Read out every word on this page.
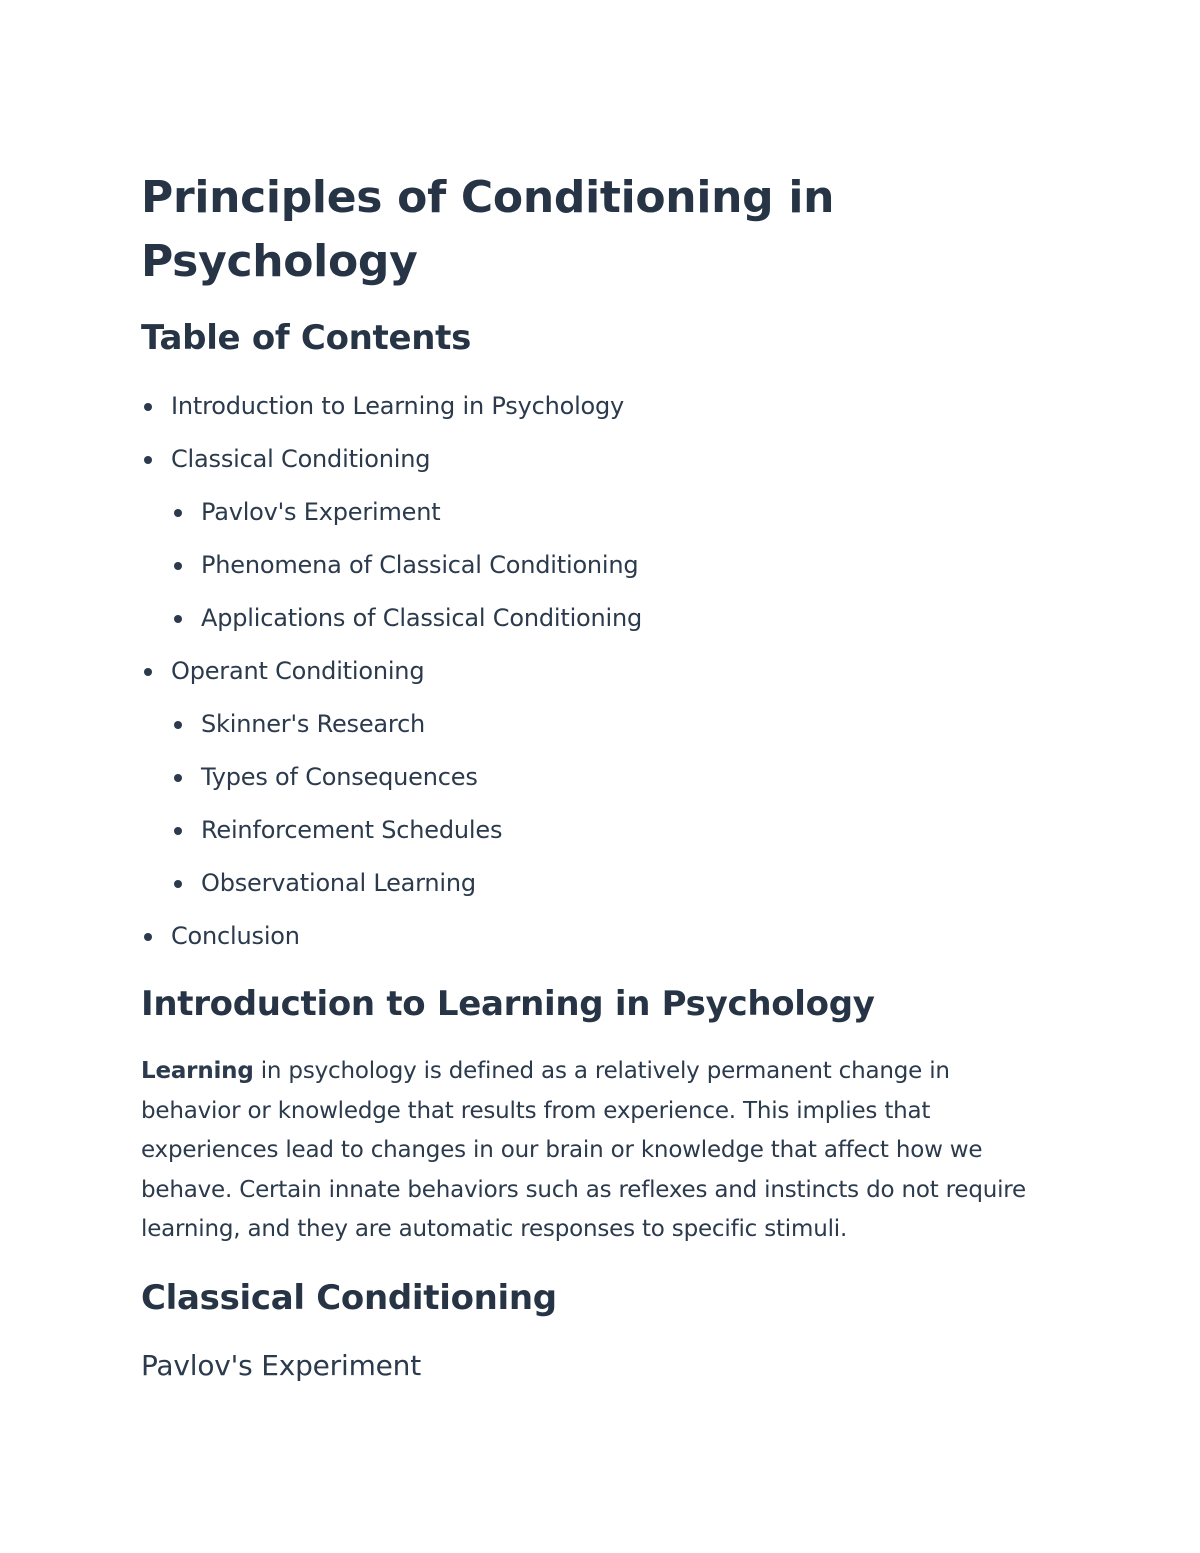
Principles of Conditioning in Psychology
Table of Contents
Introduction to Learning in Psychology
Classical Conditioning
Pavlov's Experiment
Phenomena of Classical Conditioning
Applications of Classical Conditioning
Operant Conditioning
Skinner's Research
Types of Consequences
Reinforcement Schedules
Observational Learning
Conclusion
Introduction to Learning in Psychology

Learning in psychology is defined as a relatively permanent change in behavior or knowledge that results from experience. This implies that experiences lead to changes in our brain or knowledge that affect how we behave. Certain innate behaviors such as reflexes and instincts do not require learning, and they are automatic responses to specific stimuli.

Classical Conditioning
Pavlov's Experiment
